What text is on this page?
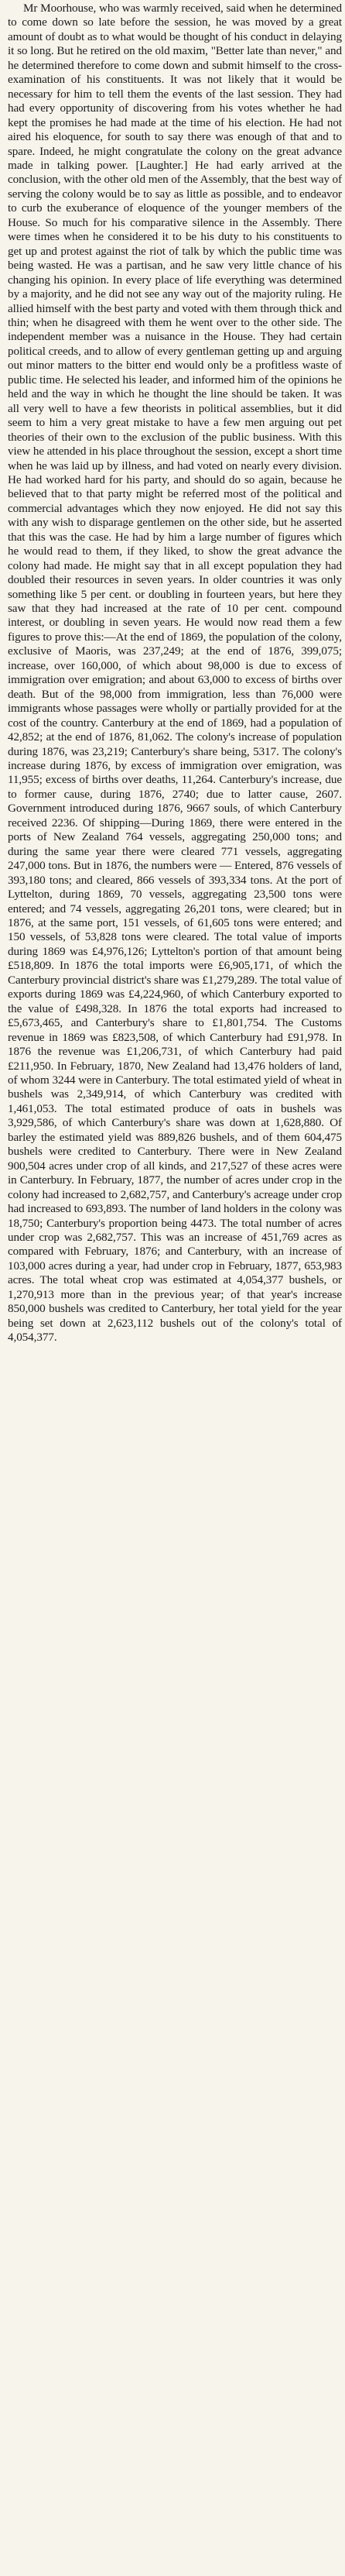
Mr Moorhouse, who was warmly received, said when he determined to come down so late before the session, he was moved by a great amount of doubt as to what would be thought of his conduct in delaying it so long. But he retired on the old maxim, "Better late than never," and he determined therefore to come down and submit himself to the cross-examination of his constituents. It was not likely that it would be necessary for him to tell them the events of the last session. They had had every opportunity of discovering from his votes whether he had kept the promises he had made at the time of his election. He had not aired his eloquence, for south to say there was enough of that and to spare. Indeed, he might congratulate the colony on the great advance made in talking power. [Laughter.] He had early arrived at the conclusion, with the other old men of the Assembly, that the best way of serving the colony would be to say as little as possible, and to endeavor to curb the exuberance of eloquence of the younger members of the House. So much for his comparative silence in the Assembly. There were times when he considered it to be his duty to his constituents to get up and protest against the riot of talk by which the public time was being wasted. He was a partisan, and he saw very little chance of his changing his opinion. In every place of life everything was determined by a majority, and he did not see any way out of the majority ruling. He allied himself with the best party and voted with them through thick and thin; when he disagreed with them he went over to the other side. The independent member was a nuisance in the House. They had certain political creeds, and to allow of every gentleman getting up and arguing out minor matters to the bitter end would only be a profitless waste of public time. He selected his leader, and informed him of the opinions he held and the way in which he thought the line should be taken. It was all very well to have a few theorists in political assemblies, but it did seem to him a very great mistake to have a few men arguing out pet theories of their own to the exclusion of the public business. With this view he attended in his place throughout the session, except a short time when he was laid up by illness, and had voted on nearly every division. He had worked hard for his party, and should do so again, because he believed that to that party might be referred most of the political and commercial advantages which they now enjoyed. He did not say this with any wish to disparage gentlemen on the other side, but he asserted that this was the case. He had by him a large number of figures which he would read to them, if they liked, to show the great advance the colony had made. He might say that in all except population they had doubled their resources in seven years. In older countries it was only something like 5 per cent. or doubling in fourteen years, but here they saw that they had increased at the rate of 10 per cent. compound interest, or doubling in seven years. He would now read them a few figures to prove this:—At the end of 1869, the population of the colony, exclusive of Maoris, was 237,249; at the end of 1876, 399,075; increase, over 160,000, of which about 98,000 is due to excess of immigration over emigration; and about 63,000 to excess of births over death. But of the 98,000 from immigration, less than 76,000 were immigrants whose passages were wholly or partially provided for at the cost of the country. Canterbury at the end of 1869, had a population of 42,852; at the end of 1876, 81,062. The colony's increase of population during 1876, was 23,219; Canterbury's share being, 5317. The colony's increase during 1876, by excess of immigration over emigration, was 11,955; excess of births over deaths, 11,264. Canterbury's increase, due to former cause, during 1876, 2740; due to latter cause, 2607. Government introduced during 1876, 9667 souls, of which Canterbury received 2236. Of shipping—During 1869, there were entered in the ports of New Zealand 764 vessels, aggregating 250,000 tons; and during the same year there were cleared 771 vessels, aggregating 247,000 tons. But in 1876, the numbers were — Entered, 876 vessels of 393,180 tons; and cleared, 866 vessels of 393,334 tons. At the port of Lyttelton, during 1869, 70 vessels, aggregating 23,500 tons were entered; and 74 vessels, aggregating 26,201 tons, were cleared; but in 1876, at the same port, 151 vessels, of 61,605 tons were entered; and 150 vessels, of 53,828 tons were cleared. The total value of imports during 1869 was £4,976,126; Lyttelton's portion of that amount being £518,809. In 1876 the total imports were £6,905,171, of which the Canterbury provincial district's share was £1,279,289. The total value of exports during 1869 was £4,224,960, of which Canterbury exported to the value of £498,328. In 1876 the total exports had increased to £5,673,465, and Canterbury's share to £1,801,754. The Customs revenue in 1869 was £823,508, of which Canterbury had £91,978. In 1876 the revenue was £1,206,731, of which Canterbury had paid £211,950. In February, 1870, New Zealand had 13,476 holders of land, of whom 3244 were in Canterbury. The total estimated yield of wheat in bushels was 2,349,914, of which Canterbury was credited with 1,461,053. The total estimated produce of oats in bushels was 3,929,586, of which Canterbury's share was down at 1,628,880. Of barley the estimated yield was 889,826 bushels, and of them 604,475 bushels were credited to Canterbury. There were in New Zealand 900,504 acres under crop of all kinds, and 217,527 of these acres were in Canterbury. In February, 1877, the number of acres under crop in the colony had increased to 2,682,757, and Canterbury's acreage under crop had increased to 693,893. The number of land holders in the colony was 18,750; Canterbury's proportion being 4473. The total number of acres under crop was 2,682,757. This was an increase of 451,769 acres as compared with February, 1876; and Canterbury, with an increase of 103,000 acres during a year, had under crop in February, 1877, 653,983 acres. The total wheat crop was estimated at 4,054,377 bushels, or 1,270,913 more than in the previous year; of that year's increase 850,000 bushels was credited to Canterbury, her total yield for the year being set down at 2,623,112 bushels out of the colony's total of 4,054,377.
